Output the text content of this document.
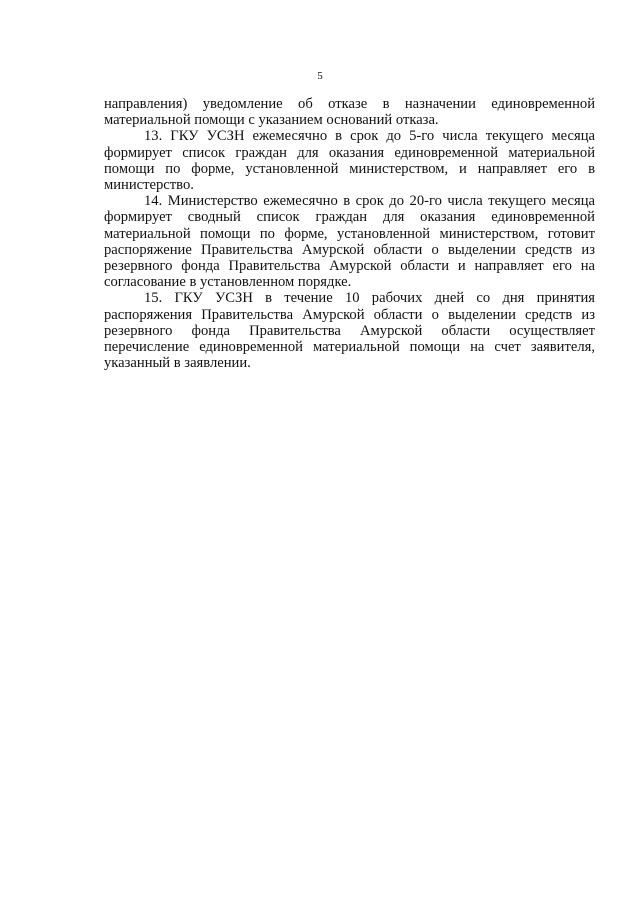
5

направления) уведомление об отказе в назначении единовременной материальной помощи с указанием оснований отказа.

13. ГКУ УСЗН ежемесячно в срок до 5-го числа текущего месяца формирует список граждан для оказания единовременной материальной помощи по форме, установленной министерством, и направляет его в министерство.

14. Министерство ежемесячно в срок до 20-го числа текущего месяца формирует сводный список граждан для оказания единовременной материальной помощи по форме, установленной министерством, готовит распоряжение Правительства Амурской области о выделении средств из резервного фонда Правительства Амурской области и направляет его на согласование в установленном порядке.

15. ГКУ УСЗН в течение 10 рабочих дней со дня принятия распоряжения Правительства Амурской области о выделении средств из резервного фонда Правительства Амурской области осуществляет перечисление единовременной материальной помощи на счет заявителя, указанный в заявлении.
